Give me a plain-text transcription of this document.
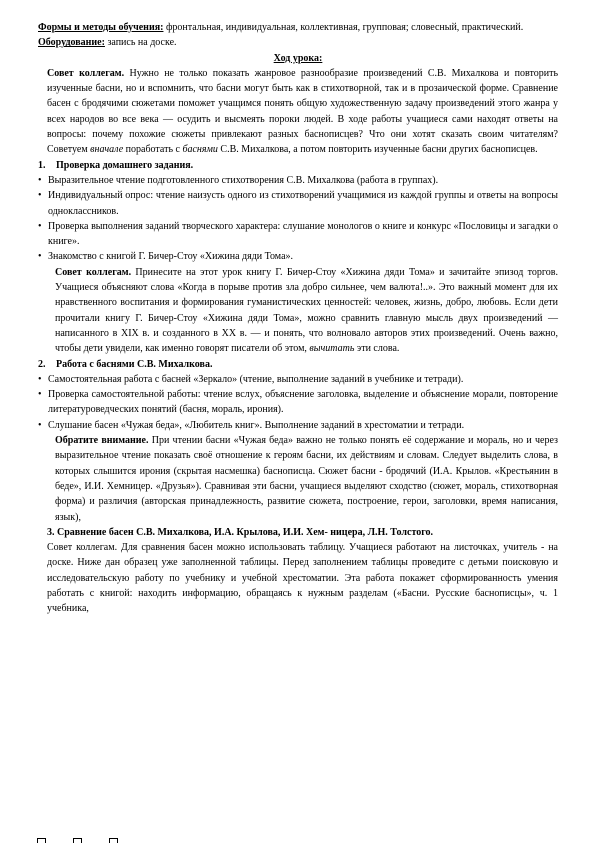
Формы и методы обучения: фронтальная, индивидуальная, коллективная, групповая; словесный, практический.

Оборудование: запись на доске.

Ход урока:

Совет коллегам. Нужно не только показать жанровое разнообразие произведений С.В. Михалкова и повторить изученные басни, но и вспомнить, что басни могут быть как в стихотворной, так и в прозаической форме. Сравнение басен с бродячими сюжетами поможет учащимся понять общую художественную задачу произведений этого жанра у всех народов во все века — осудить и высмеять пороки людей. В ходе работы учащиеся сами находят ответы на вопросы: почему похожие сюжеты привлекают разных баснописцев? Что они хотят сказать своим читателям? Советуем вначале поработать с баснями С.В. Михалкова, а потом повторить изученные басни других баснописцев.

1.	Проверка домашнего задания.

• Выразительное чтение подготовленного стихотворения С.В. Михалкова (работа в группах).

• Индивидуальный опрос: чтение наизусть одного из стихотворений учащимися из каждой группы и ответы на вопросы одноклассников.

• Проверка выполнения заданий творческого характера: слушание монологов о книге и конкурс «Пословицы и загадки о книге».

• Знакомство с книгой Г. Бичер-Стоу «Хижина дяди Тома».

Совет коллегам. Принесите на этот урок книгу Г. Бичер-Стоу «Хижина дяди Тома» и зачитайте эпизод торгов. Учащиеся объясняют слова «Когда в порыве против зла добро сильнее, чем валюта!..». Это важный момент для их нравственного воспитания и формирования гуманистических ценностей: человек, жизнь, добро, любовь. Если дети прочитали книгу Г. Бичер-Стоу «Хижина дяди Тома», можно сравнить главную мысль двух произведений — написанного в XIX в. и созданного в XX в. — и понять, что волновало авторов этих произведений. Очень важно, чтобы дети увидели, как именно говорят писатели об этом, вычитать эти слова.

2.	Работа с баснями С.В. Михалкова.

• Самостоятельная работа с басней «Зеркало» (чтение, выполнение заданий в учебнике и тетради).

• Проверка самостоятельной работы: чтение вслух, объяснение заголовка, выделение и объяснение морали, повторение литературоведческих понятий (басня, мораль, ирония).

• Слушание басен «Чужая беда», «Любитель книг». Выполнение заданий в хрестоматии и тетради.

Обратите внимание. При чтении басни «Чужая беда» важно не только понять её содержание и мораль, но и через выразительное чтение показать своё отношение к героям басни, их действиям и словам. Следует выделить слова, в которых слышится ирония (скрытая насмешка) баснописца. Сюжет басни - бродячий (И.А. Крылов. «Крестьянин в беде», И.И. Хемницер. «Друзья»). Сравнивая эти басни, учащиеся выделяют сходство (сюжет, мораль, стихотворная форма) и различия (авторская принадлежность, развитие сюжета, построение, герои, заголовки, время написания, язык),

3. Сравнение басен С.В. Михалкова, И.А. Крылова, И.И. Хем- ницера, Л.Н. Толстого.

Совет коллегам. Для сравнения басен можно использовать таблицу. Учащиеся работают на листочках, учитель - на доске. Ниже дан образец уже заполненной таблицы. Перед заполнением таблицы проведите с детьми поисковую и исследовательскую работу по учебнику и учебной хрестоматии. Эта работа покажет сформированность умения работать с книгой: находить информацию, обращаясь к нужным разделам («Басни. Русские баснописцы», ч. 1 учебника,
